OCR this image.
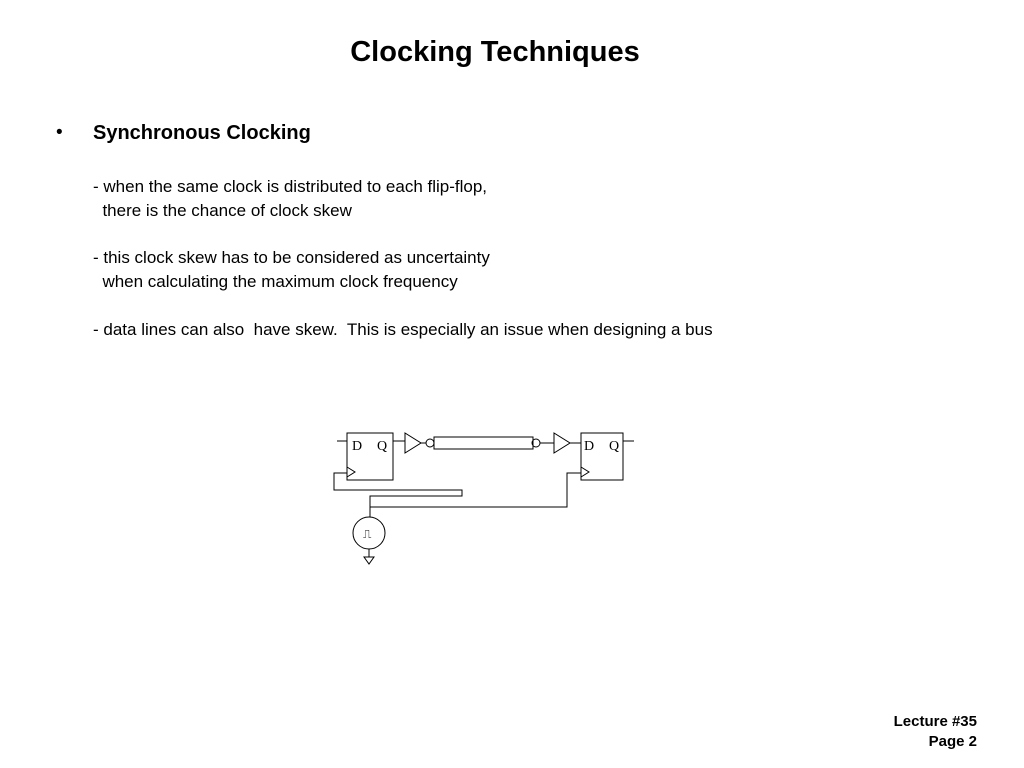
Clocking Techniques
• Synchronous Clocking
- when the same clock is distributed to each flip-flop,
there is the chance of clock skew
- this clock skew has to be considered as uncertainty
when calculating the maximum clock frequency
- data lines can also  have skew.  This is especially an issue when designing a bus
D Q	D Q
⎍
Lecture #35
Page 2
